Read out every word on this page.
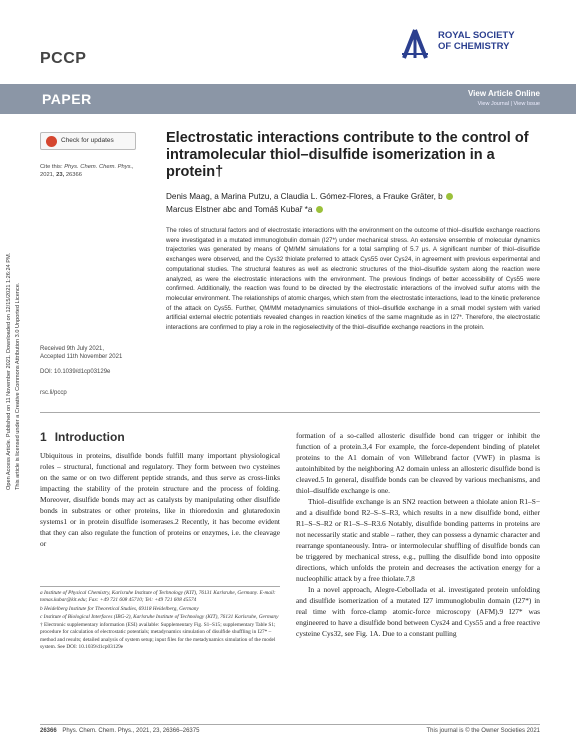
PCCP
ROYAL SOCIETY
OF CHEMISTRY
PAPER	View Article Online
View Journal | View Issue
Open Access Article. Published on 11 November 2021. Downloaded on 12/15/2021 1:26:24 PM. This article is licensed under a Creative Commons Attribution 3.0 Unported Licence.
Check for updates
Cite this: Phys. Chem. Chem. Phys.,
2021, 23, 26366
Electrostatic interactions contribute to the control of intramolecular thiol–disulfide isomerization in a protein†
Denis Maag, a Marina Putzu, a Claudia L. Gómez-Flores, a Frauke Gräter, b
Marcus Elstner abc and Tomáš Kubař *a

The roles of structural factors and of electrostatic interactions with the environment on the outcome of thiol–disulfide exchange reactions were investigated in a mutated immunoglobulin domain (I27*) under mechanical stress. An extensive ensemble of molecular dynamics trajectories was generated by means of QM/MM simulations for a total sampling of 5.7 μs. A significant number of thiol–disulfide exchanges were observed, and the Cys32 thiolate preferred to attack Cys55 over Cys24, in agreement with previous experimental and computational studies. The structural features as well as electronic structures of the thiol–disulfide system along the reaction were analyzed, as were the electrostatic interactions with the environment. The previous findings of better accessibility of Cys55 were confirmed. Additionally, the reaction was found to be directed by the electrostatic interactions of the involved sulfur atoms with the molecular environment. The relationships of atomic charges, which stem from the electrostatic interactions, lead to the kinetic preference of the attack on Cys55. Further, QM/MM metadynamics simulations of thiol–disulfide exchange in a small model system with varied artificial external electric potentials revealed changes in reaction kinetics of the same magnitude as in I27*. Therefore, the electrostatic interactions are confirmed to play a role in the regioselectivity of the thiol–disulfide exchange reactions in the protein.

Received 9th July 2021,
Accepted 11th November 2021
DOI: 10.1039/d1cp03129e
rsc.li/pccp
1 Introduction

Ubiquitous in proteins, disulfide bonds fulfill many important physiological roles – structural, functional and regulatory. They form between two cysteines on the same or on two different peptide strands, and thus serve as cross-links impacting the stability of the protein structure and the process of folding. Moreover, disulfide bonds may act as catalysts by manipulating other disulfide bonds in substrates or other proteins, like in thioredoxin and glutaredoxin systems1 or in protein disulfide isomerases.2 Recently, it has become evident that they can also regulate the function of proteins or enzymes, i.e. the cleavage or

a Institute of Physical Chemistry, Karlsruhe Institute of Technology (KIT), 76131 Karlsruhe, Germany. E-mail: tomas.kubar@kit.edu; Fax: +49 721 608 45710; Tel: +49 721 608 45574
b Heidelberg Institute for Theoretical Studies, 69118 Heidelberg, Germany
c Institute of Biological Interfaces (IBG-2), Karlsruhe Institute of Technology (KIT), 76131 Karlsruhe, Germany
† Electronic supplementary information (ESI) available: Supplementary Fig. S1–S15; supplementary Table S1; procedure for calculation of electrostatic potentials; metadynamics simulation of disulfide shuffling in I27* – method and results; detailed analysis of system setup; input files for the metadynamics simulation of the model system. See DOI: 10.1039/d1cp03129e

formation of a so-called allosteric disulfide bond can trigger or inhibit the function of a protein.3,4 For example, the force-dependent binding of platelet proteins to the A1 domain of von Willebrand factor (VWF) in plasma is autoinhibited by the neighboring A2 domain unless an allosteric disulfide bond is cleaved.5 In general, disulfide bonds can be cleaved by various mechanisms, and thiol–disulfide exchange is one.

Thiol–disulfide exchange is an SN2 reaction between a thiolate anion R1–S− and a disulfide bond R2–S–S–R3, which results in a new disulfide bond, either R1–S–S–R2 or R1–S–S–R3.6 Notably, disulfide bonding patterns in proteins are not necessarily static and stable – rather, they can possess a dynamic character and rearrange spontaneously. Intra- or intermolecular shuffling of disulfide bonds can be triggered by mechanical stress, e.g., pulling the disulfide bond into opposite directions, which unfolds the protein and decreases the activation energy for a nucleophilic attack by a free thiolate.7,8

In a novel approach, Alegre-Cebollada et al. investigated protein unfolding and disulfide isomerization of a mutated I27 immunoglobulin domain (I27*) in real time with force-clamp atomic-force microscopy (AFM).9 I27* was engineered to have a disulfide bond between Cys24 and Cys55 and a free reactive cysteine Cys32, see Fig. 1A. Due to a constant pulling

26366 Phys. Chem. Chem. Phys., 2021, 23, 26366–26375	This journal is © the Owner Societies 2021
